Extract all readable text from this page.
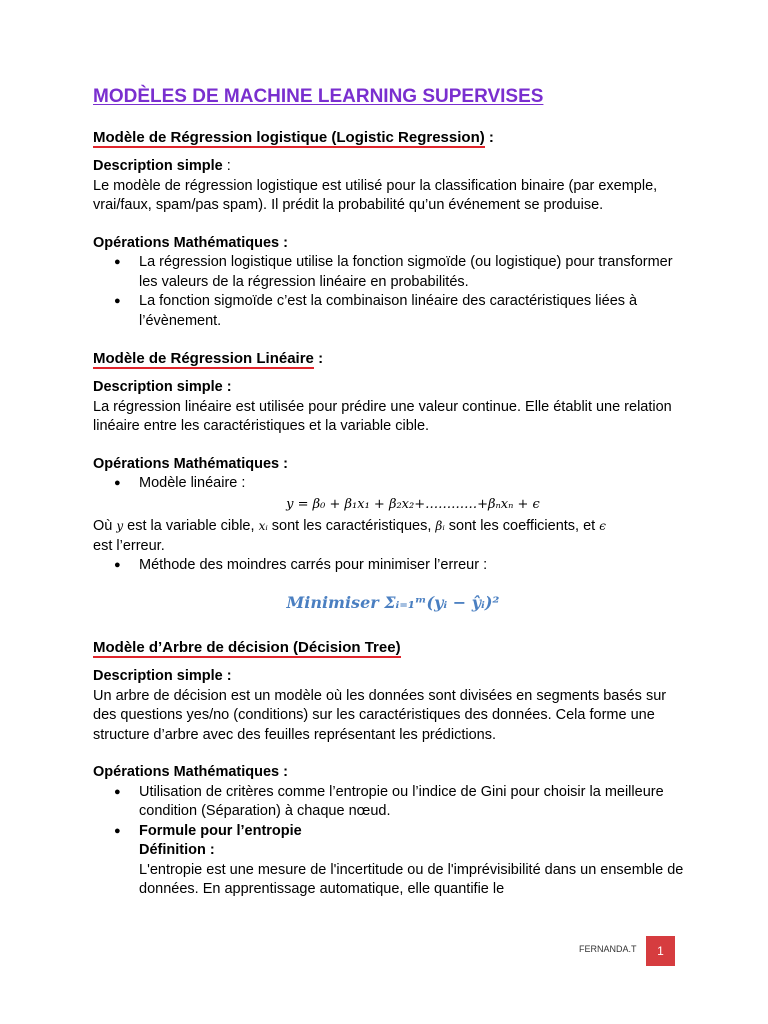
MODÈLES DE MACHINE LEARNING SUPERVISES
Modèle de Régression logistique (Logistic Regression) :

Description simple :

Le modèle de régression logistique est utilisé pour la classification binaire (par exemple, vrai/faux, spam/pas spam). Il prédit la probabilité qu’un événement se produise.

Opérations Mathématiques :

● La régression logistique utilise la fonction sigmoïde (ou logistique) pour transformer les valeurs de la régression linéaire en probabilités.
● La fonction sigmoïde c’est la combinaison linéaire des caractéristiques liées à l’évènement.
Modèle de Régression Linéaire :

Description simple :

La régression linéaire est utilisée pour prédire une valeur continue. Elle établit une relation linéaire entre les caractéristiques et la variable cible.

Opérations Mathématiques :

● Modèle linéaire :
y = β₀ + β₁x₁ + β₂x₂+…………+βₙxₙ + ϵ
Où y est la variable cible, xᵢ sont les caractéristiques, βᵢ sont les coefficients, et ϵ
est l’erreur.
● Méthode des moindres carrés pour minimiser l’erreur :
Minimiser Σᵢ₌₁ᵐ(yᵢ − ŷᵢ)²
Modèle d’Arbre de décision (Décision Tree)

Description simple :

Un arbre de décision est un modèle où les données sont divisées en segments basés sur des questions yes/no (conditions) sur les caractéristiques des données. Cela forme une structure d’arbre avec des feuilles représentant les prédictions.

Opérations Mathématiques :

● Utilisation de critères comme l’entropie ou l’indice de Gini pour choisir la meilleure condition (Séparation) à chaque nœud.
● Formule pour l’entropie
Définition :
L'entropie est une mesure de l'incertitude ou de l'imprévisibilité dans un ensemble de données. En apprentissage automatique, elle quantifie le
FERNANDA.T	1
